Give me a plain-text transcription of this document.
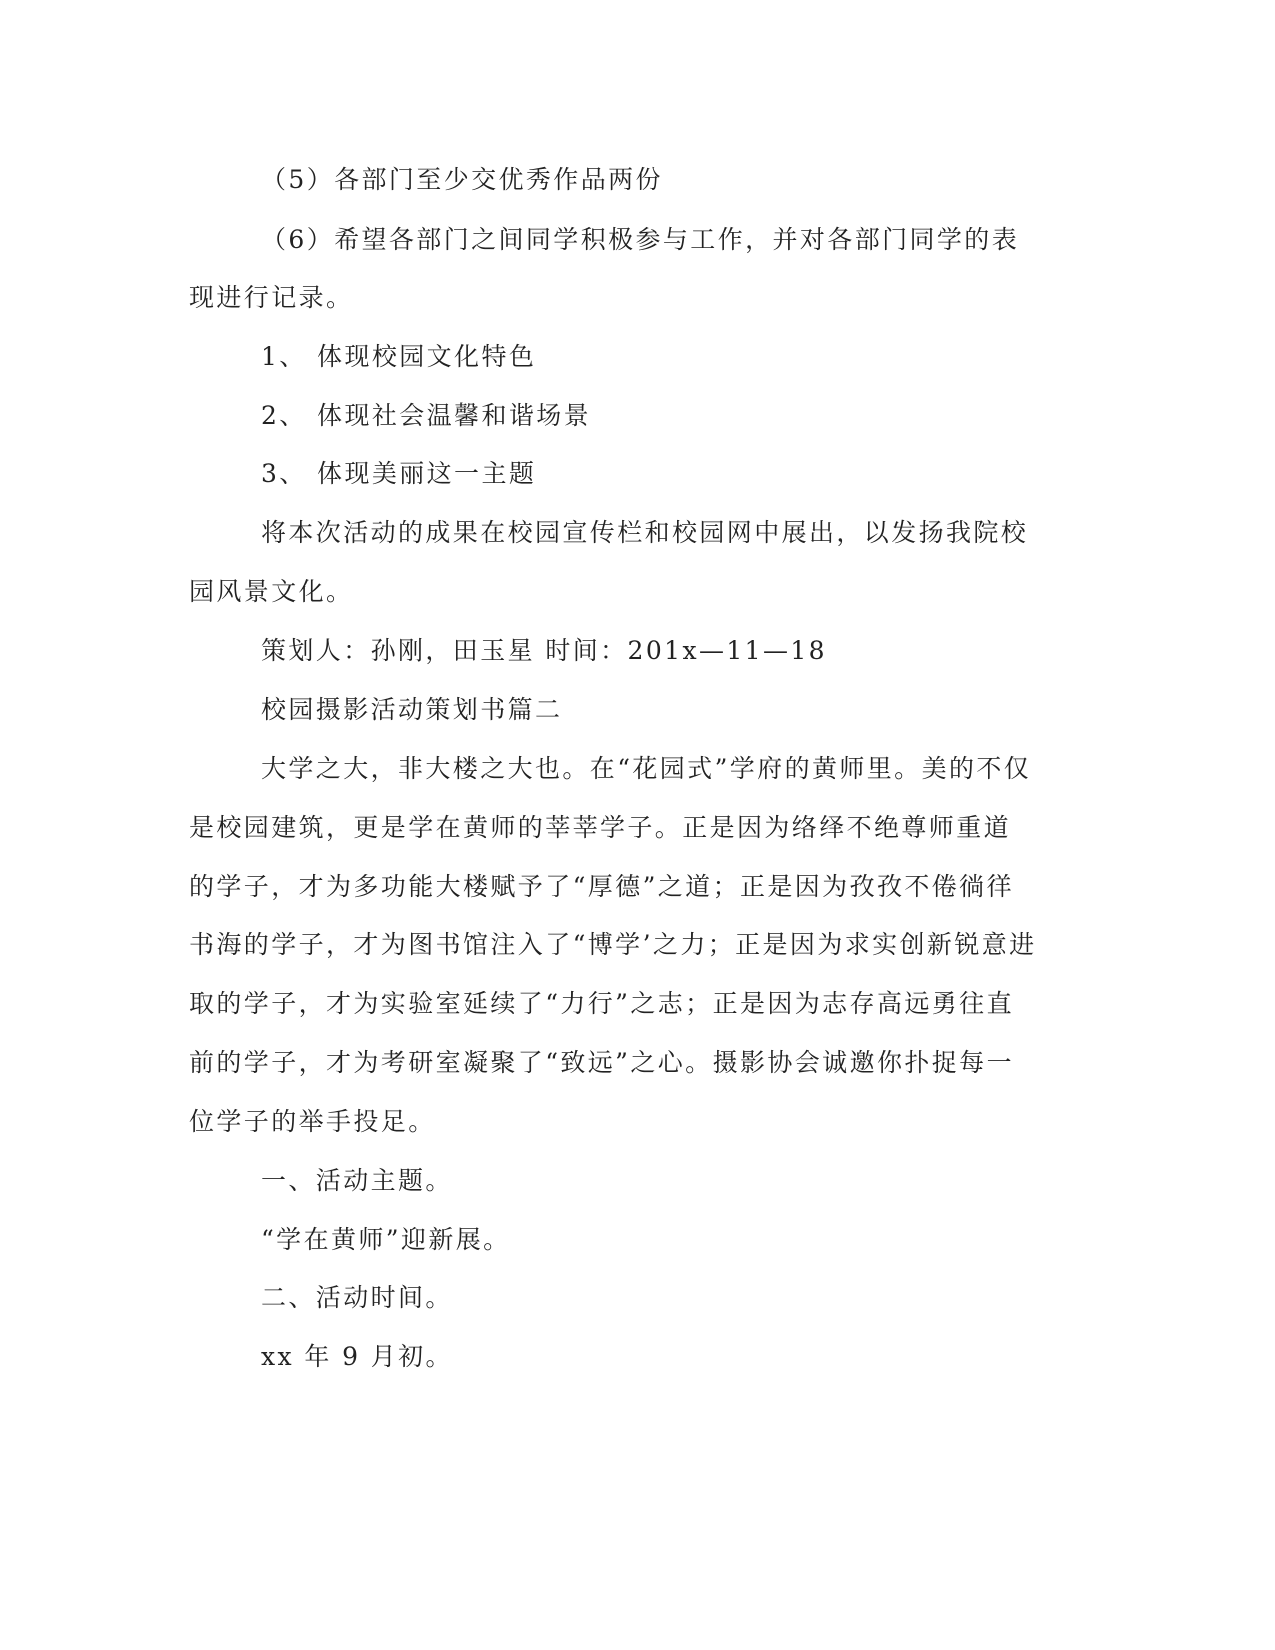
（5）各部门至少交优秀作品两份
（6）希望各部门之间同学积极参与工作，并对各部门同学的表
现进行记录。
1、 体现校园文化特色
2、 体现社会温馨和谐场景
3、 体现美丽这一主题
将本次活动的成果在校园宣传栏和校园网中展出，以发扬我院校
园风景文化。
策划人：孙刚，田玉星 时间：201x—11—18
校园摄影活动策划书篇二
大学之大，非大楼之大也。在“花园式”学府的黄师里。美的不仅
是校园建筑，更是学在黄师的莘莘学子。正是因为络绎不绝尊师重道
的学子，才为多功能大楼赋予了“厚德”之道；正是因为孜孜不倦徜徉
书海的学子，才为图书馆注入了“博学’之力；正是因为求实创新锐意进
取的学子，才为实验室延续了“力行”之志；正是因为志存高远勇往直
前的学子，才为考研室凝聚了“致远”之心。摄影协会诚邀你扑捉每一
位学子的举手投足。
一、活动主题。
“学在黄师”迎新展。
二、活动时间。
xx 年 9 月初。
